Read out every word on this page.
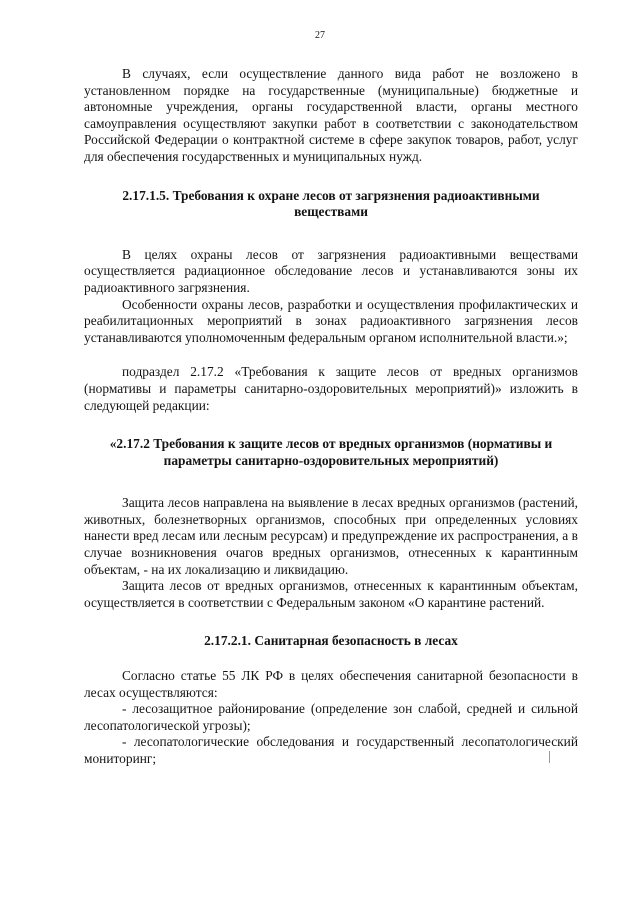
27

В случаях, если осуществление данного вида работ не возложено в установленном порядке на государственные (муниципальные) бюджетные и автономные учреждения, органы государственной власти, органы местного самоуправления осуществляют закупки работ в соответствии с законодательством Российской Федерации о контрактной системе в сфере закупок товаров, работ, услуг для обеспечения государственных и муниципальных нужд.

2.17.1.5. Требования к охране лесов от загрязнения радиоактивными веществами

В целях охраны лесов от загрязнения радиоактивными веществами осуществляется радиационное обследование лесов и устанавливаются зоны их радиоактивного загрязнения.

Особенности охраны лесов, разработки и осуществления профилактических и реабилитационных мероприятий в зонах радиоактивного загрязнения лесов устанавливаются уполномоченным федеральным органом исполнительной власти.»;

подраздел 2.17.2 «Требования к защите лесов от вредных организмов (нормативы и параметры санитарно-оздоровительных мероприятий)» изложить в следующей редакции:

«2.17.2 Требования к защите лесов от вредных организмов (нормативы и параметры санитарно-оздоровительных мероприятий)

Защита лесов направлена на выявление в лесах вредных организмов (растений, животных, болезнетворных организмов, способных при определенных условиях нанести вред лесам или лесным ресурсам) и предупреждение их распространения, а в случае возникновения очагов вредных организмов, отнесенных к карантинным объектам, - на их локализацию и ликвидацию.

Защита лесов от вредных организмов, отнесенных к карантинным объектам, осуществляется в соответствии с Федеральным законом «О карантине растений.

2.17.2.1. Санитарная безопасность в лесах

Согласно статье 55 ЛК РФ в целях обеспечения санитарной безопасности в лесах осуществляются:

- лесозащитное районирование (определение зон слабой, средней и сильной лесопатологической угрозы);

- лесопатологические обследования и государственный лесопатологический мониторинг;
